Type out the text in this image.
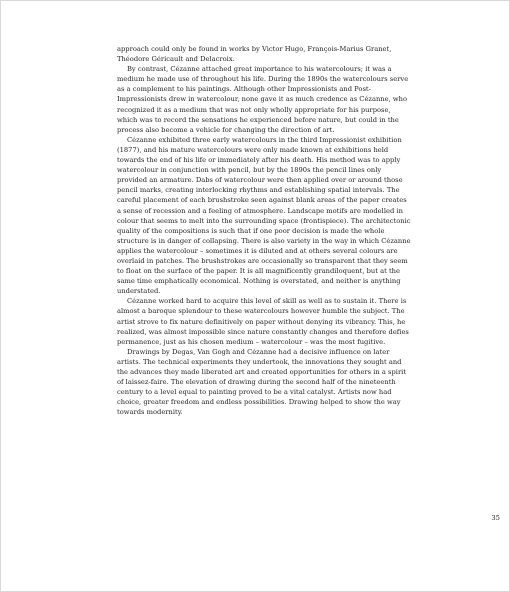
approach could only be found in works by Victor Hugo, François-Marius Granet, Théodore Géricault and Delacroix.

By contrast, Cézanne attached great importance to his watercolours; it was a medium he made use of throughout his life. During the 1890s the watercolours serve as a complement to his paintings. Although other Impressionists and Post-Impressionists drew in watercolour, none gave it as much credence as Cézanne, who recognized it as a medium that was not only wholly appropriate for his purpose, which was to record the sensations he experienced before nature, but could in the process also become a vehicle for changing the direction of art.

Cézanne exhibited three early watercolours in the third Impressionist exhibition (1877), and his mature watercolours were only made known at exhibitions held towards the end of his life or immediately after his death. His method was to apply watercolour in conjunction with pencil, but by the 1890s the pencil lines only provided an armature. Dabs of watercolour were then applied over or around those pencil marks, creating interlocking rhythms and establishing spatial intervals. The careful placement of each brushstroke seen against blank areas of the paper creates a sense of recession and a feeling of atmosphere. Landscape motifs are modelled in colour that seems to melt into the surrounding space (frontispiece). The architectonic quality of the compositions is such that if one poor decision is made the whole structure is in danger of collapsing. There is also variety in the way in which Cézanne applies the watercolour – sometimes it is diluted and at others several colours are overlaid in patches. The brushstrokes are occasionally so transparent that they seem to float on the surface of the paper. It is all magnificently grandiloquent, but at the same time emphatically economical. Nothing is overstated, and neither is anything understated.

Cézanne worked hard to acquire this level of skill as well as to sustain it. There is almost a baroque splendour to these watercolours however humble the subject. The artist strove to fix nature definitively on paper without denying its vibrancy. This, he realized, was almost impossible since nature constantly changes and therefore defies permanence, just as his chosen medium – watercolour – was the most fugitive.

Drawings by Degas, Van Gogh and Cézanne had a decisive influence on later artists. The technical experiments they undertook, the innovations they sought and the advances they made liberated art and created opportunities for others in a spirit of laissez-faire. The elevation of drawing during the second half of the nineteenth century to a level equal to painting proved to be a vital catalyst. Artists now had choice, greater freedom and endless possibilities. Drawing helped to show the way towards modernity.

35
